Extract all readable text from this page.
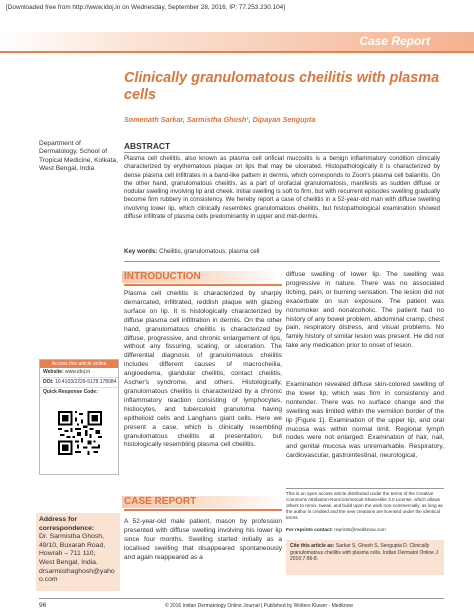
[Downloaded free from http://www.idoj.in on Wednesday, September 28, 2016, IP: 77.253.230.104]
Case Report
Clinically granulomatous cheilitis with plasma cells
Somenath Sarkar, Sarmistha Ghosh¹, Dipayan Sengupta
Department of Dermatology, School of Tropical Medicine, Kolkata, West Bengal, India
ABSTRACT

Plasma cell cheilitis, also known as plasma cell orificial mucositis is a benign inflammatory condition clinically characterized by erythematous plaque on lips that may be ulcerated. Histopathologically it is characterized by dense plasma cell infiltrates in a band-like pattern in dermis, which corresponds to Zoon's plasma cell balanitis. On the other hand, granulomatous cheilitis, as a part of orofacial granulomatosis, manifests as sudden diffuse or nodular swelling involving lip and cheek. Initial swelling is soft to firm, but with recurrent episodes swelling gradually become firm rubbery in consistency. We hereby report a case of cheilitis in a 52-year-old man with diffuse swelling involving lower lip, which clinically resembles granulomatous cheilitis, but histopathological examination showed diffuse infiltrate of plasma cells predominantly in upper and mid-dermis.

Key words: Cheilitis, granulomatous, plasma cell
INTRODUCTION

Plasma cell cheilitis is characterized by sharply demarcated, infiltrated, reddish plaque with glazing surface on lip. It is histologically characterized by diffuse plasma cell infiltration in dermis. On the other hand, granulomatous cheilitis is characterized by diffuse, progressive, and chronic enlargement of lips, without any fissuring, scaling, or ulceration. The differential diagnosis of granulomatous cheilitis includes different causes of macrocheilia, angioedema, glandular cheilitis, contact cheilitis, Ascher's syndrome, and others. Histologically, granulomatous cheilitis is characterized by a chronic inflammatory reaction consisting of lymphocytes, histiocytes, and tuberculoid granuloma having epithelioid cells and Langhans giant cells. Here we present a case, which is clinically resembling granulomatous cheilitis at presentation, but histologically resembling plasma cell cheilitis.

CASE REPORT

A 52-year-old male patient, mason by profession presented with diffuse swelling involving his lower lip since four months. Swelling started initially as a localised swelling that disappeared spontaneously and again reappeared as a

diffuse swelling of lower lip. The swelling was progressive in nature. There was no associated itching, pain, or burning sensation. The lesion did not exacerbate on sun exposure. The patient was nonsmoker and nonalcoholic. The patient had no history of any bowel problem, abdominal cramp, chest pain, respiratory distress, and visual problems. No family history of similar lesion was present. He did not take any medication prior to onset of lesion.

Examination revealed diffuse skin-colored swelling of the lower lip, which was firm in consistency and nontender. There was no surface change and the swelling was limited within the vermilion border of the lip [Figure 1]. Examination of the upper lip, and oral mucosa was within normal limit. Regional lymph nodes were not enlarged. Examination of hair, nail, and genital mucosa was unremarkable. Respiratory, cardiovascular, gastrointestinal, neurological,

Access this article online
Website: www.idoj.in
DOI: 10.4103/2229-5178.178084
Quick Response Code:
Address for correspondence:
Dr. Sarmistha Ghosh,
49/10, Buxarah Road,
Howrah – 711 110,
West Bengal, India.
drsarmisthaghosh@yahoo.com

This is an open access article distributed under the terms of the Creative Commons Attribution-NonCommercial-ShareAlike 3.0 License, which allows others to remix, tweak, and build upon the work non-commercially, as long as the author is credited and the new creations are licensed under the identical terms.

For reprints contact: reprints@medknow.com
Cite this article as: Sarkar S, Ghosh S, Sengupta D. Clinically granulomatous cheilitis with plasma cells. Indian Dermatol Online J 2016;7:96-8.
96	© 2016 Indian Dermatology Online Journal | Published by Wolters Kluwer - Medknow
